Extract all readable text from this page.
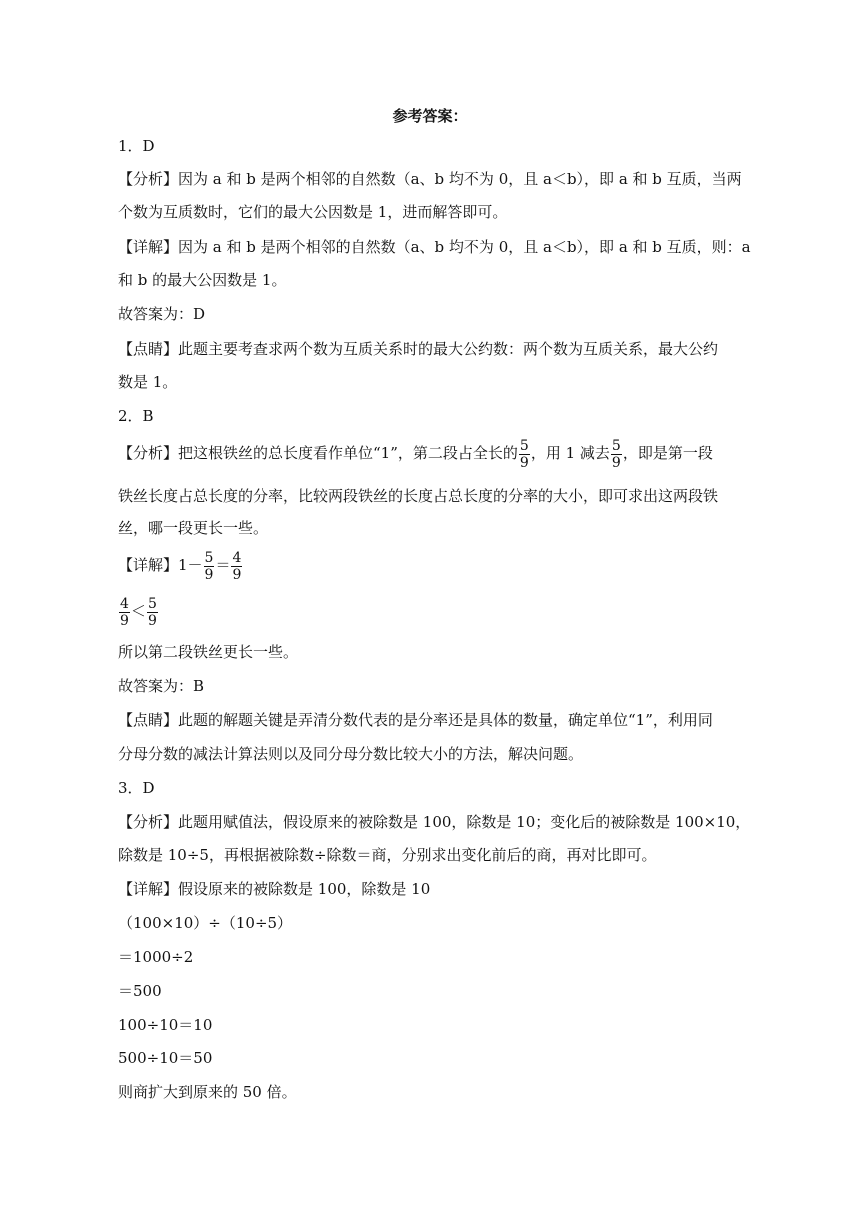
参考答案：
1．D
【分析】因为 a 和 b 是两个相邻的自然数（a、b 均不为 0，且 a＜b），即 a 和 b 互质，当两
个数为互质数时，它们的最大公因数是 1，进而解答即可。
【详解】因为 a 和 b 是两个相邻的自然数（a、b 均不为 0，且 a＜b），即 a 和 b 互质，则：a
和 b 的最大公因数是 1。
故答案为：D
【点睛】此题主要考查求两个数为互质关系时的最大公约数：两个数为互质关系，最大公约
数是 1。
2．B
【分析】把这根铁丝的总长度看作单位“1”，第二段占全长的 $\frac{5}{9}$ ，用 1 减去 $\frac{5}{9}$ ，即是第一段
铁丝长度占总长度的分率，比较两段铁丝的长度占总长度的分率的大小，即可求出这两段铁
丝，哪一段更长一些。
【详解】$1- \frac{5}{9} = \frac{4}{9}$
$\frac{4}{9} < \frac{5}{9}$
所以第二段铁丝更长一些。
故答案为：B
【点睛】此题的解题关键是弄清分数代表的是分率还是具体的数量，确定单位“1”，利用同
分母分数的减法计算法则以及同分母分数比较大小的方法，解决问题。
3．D
【分析】此题用赋值法，假设原来的被除数是 100，除数是 10；变化后的被除数是 100×10，
除数是 10÷5，再根据被除数÷除数＝商，分别求出变化前后的商，再对比即可。
【详解】假设原来的被除数是 100，除数是 10
（100×10）÷（10÷5）
＝1000÷2
＝500
100÷10＝10
500÷10＝50
则商扩大到原来的 50 倍。
